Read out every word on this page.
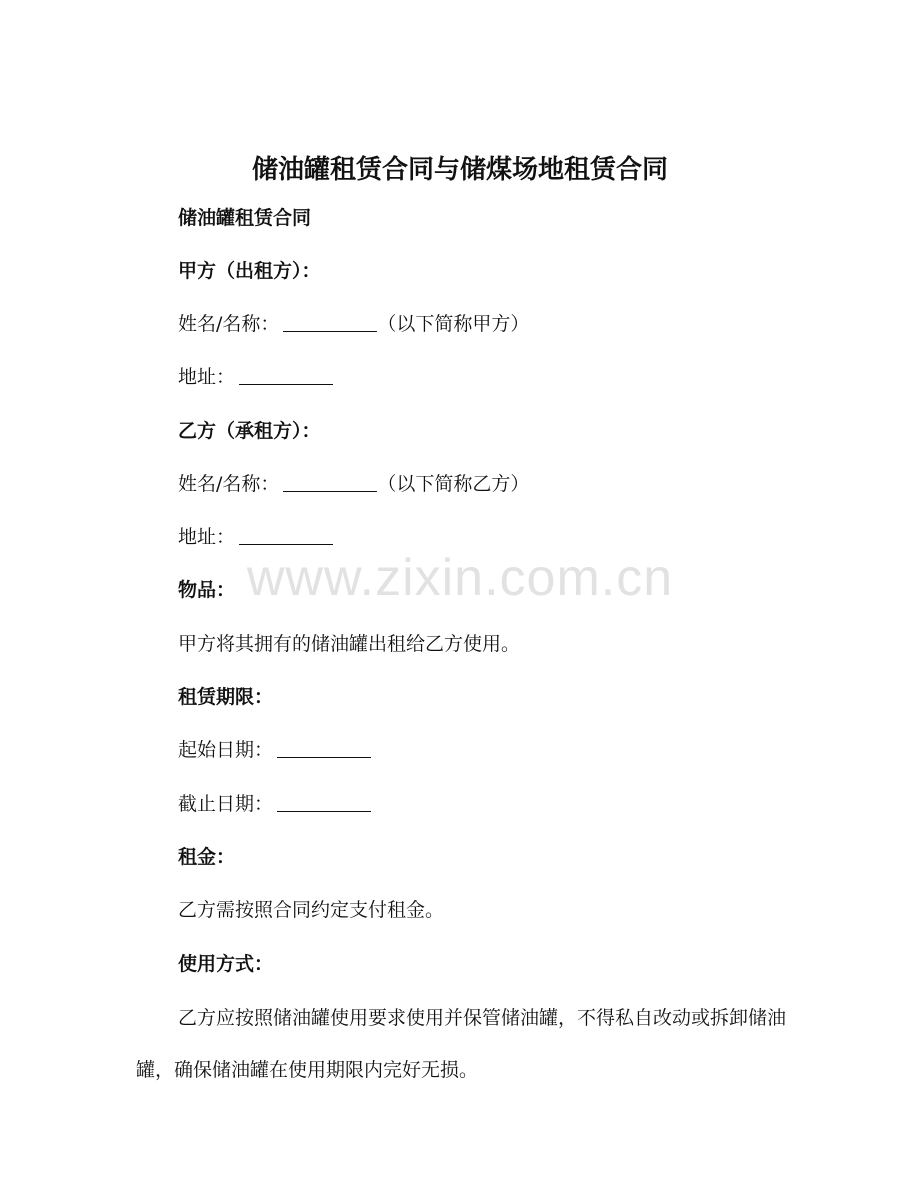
储油罐租赁合同与储煤场地租赁合同
储油罐租赁合同
甲方（出租方）：
姓名/名称：	（以下简称甲方）
地址：
乙方（承租方）：
姓名/名称：	（以下简称乙方）
地址：
物品：
甲方将其拥有的储油罐出租给乙方使用。
租赁期限：
起始日期：
截止日期：
租金：
乙方需按照合同约定支付租金。
使用方式：
乙方应按照储油罐使用要求使用并保管储油罐，不得私自改动或拆卸储油罐，确保储油罐在使用期限内完好无损。
www.zixin.com.cn
